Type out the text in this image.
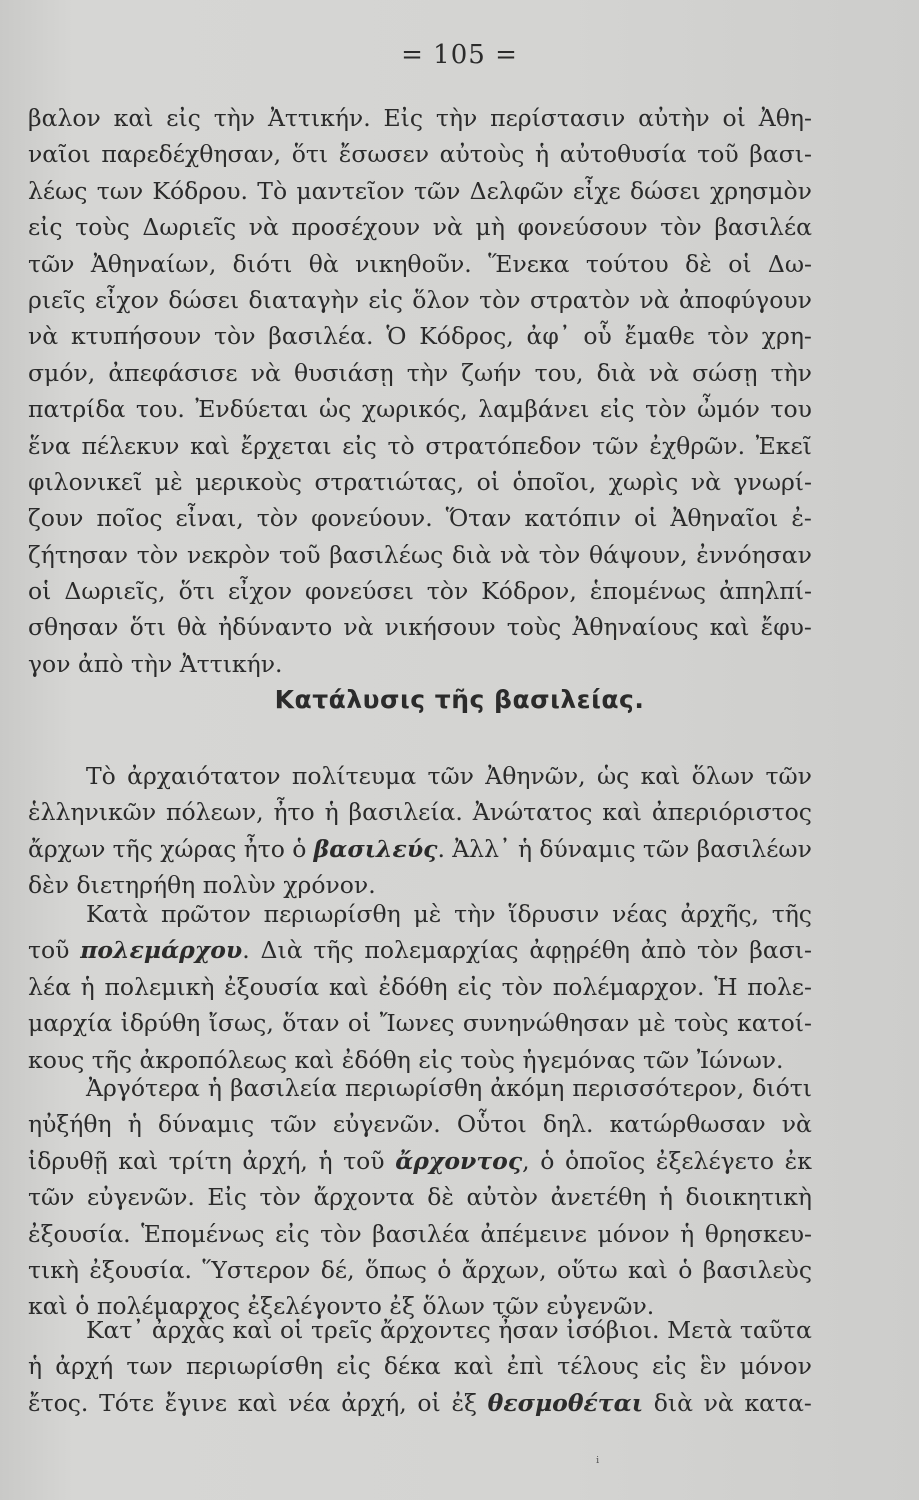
= 105 =
βαλον καὶ εἰς τὴν Ἀττικήν. Εἰς τὴν περίστασιν αὐτὴν οἱ Ἀθη-
ναῖοι παρεδέχθησαν, ὅτι ἔσωσεν αὐτοὺς ἡ αὐτοθυσία τοῦ βασι-
λέως των Κόδρου. Τὸ μαντεῖον τῶν Δελφῶν εἶχε δώσει χρησμὸν
εἰς τοὺς Δωριεῖς νὰ προσέχουν νὰ μὴ φονεύσουν τὸν βασιλέα
τῶν Ἀθηναίων, διότι θὰ νικηθοῦν. Ἕνεκα τούτου δὲ οἱ Δω-
ριεῖς εἶχον δώσει διαταγὴν εἰς ὅλον τὸν στρατὸν νὰ ἀποφύγουν
νὰ κτυπήσουν τὸν βασιλέα. Ὁ Κόδρος, ἀφ᾽ οὗ ἔμαθε τὸν χρη-
σμόν, ἀπεφάσισε νὰ θυσιάσῃ τὴν ζωήν του, διὰ νὰ σώσῃ τὴν
πατρίδα του. Ἐνδύεται ὡς χωρικός, λαμβάνει εἰς τὸν ὦμόν του
ἕνα πέλεκυν καὶ ἔρχεται εἰς τὸ στρατόπεδον τῶν ἐχθρῶν. Ἐκεῖ
φιλονικεῖ μὲ μερικοὺς στρατιώτας, οἱ ὁποῖοι, χωρὶς νὰ γνωρί-
ζουν ποῖος εἶναι, τὸν φονεύουν. Ὅταν κατόπιν οἱ Ἀθηναῖοι ἐ-
ζήτησαν τὸν νεκρὸν τοῦ βασιλέως διὰ νὰ τὸν θάψουν, ἐννόησαν
οἱ Δωριεῖς, ὅτι εἶχον φονεύσει τὸν Κόδρον, ἑπομένως ἀπηλπί-
σθησαν ὅτι θὰ ἠδύναντο νὰ νικήσουν τοὺς Ἀθηναίους καὶ ἔφυ-
γον ἀπὸ τὴν Ἀττικήν.
Κατάλυσις τῆς βασιλείας.
Τὸ ἀρχαιότατον πολίτευμα τῶν Ἀθηνῶν, ὡς καὶ ὅλων τῶν
ἑλληνικῶν πόλεων, ἦτο ἡ βασιλεία. Ἀνώτατος καὶ ἀπεριόριστος
ἄρχων τῆς χώρας ἦτο ὁ βασιλεύς. Ἀλλ᾽ ἡ δύναμις τῶν βασιλέων
δὲν διετηρήθη πολὺν χρόνον.
Κατὰ πρῶτον περιωρίσθη μὲ τὴν ἵδρυσιν νέας ἀρχῆς, τῆς
τοῦ πολεμάρχου. Διὰ τῆς πολεμαρχίας ἀφῃρέθη ἀπὸ τὸν βασι-
λέα ἡ πολεμικὴ ἐξουσία καὶ ἐδόθη εἰς τὸν πολέμαρχον. Ἡ πολε-
μαρχία ἱδρύθη ἴσως, ὅταν οἱ Ἴωνες συνηνώθησαν μὲ τοὺς κατοί-
κους τῆς ἀκροπόλεως καὶ ἐδόθη εἰς τοὺς ἡγεμόνας τῶν Ἰώνων.
Ἀργότερα ἡ βασιλεία περιωρίσθη ἀκόμη περισσότερον, διότι
ηὐξήθη ἡ δύναμις τῶν εὐγενῶν. Οὗτοι δηλ. κατώρθωσαν νὰ
ἱδρυθῇ καὶ τρίτη ἀρχή, ἡ τοῦ ἄρχοντος, ὁ ὁποῖος ἐξελέγετο ἐκ
τῶν εὐγενῶν. Εἰς τὸν ἄρχοντα δὲ αὐτὸν ἀνετέθη ἡ διοικητικὴ
ἐξουσία. Ἑπομένως εἰς τὸν βασιλέα ἀπέμεινε μόνον ἡ θρησκευ-
τικὴ ἐξουσία. Ὕστερον δέ, ὅπως ὁ ἄρχων, οὕτω καὶ ὁ βασιλεὺς
καὶ ὁ πολέμαρχος ἐξελέγοντο ἐξ ὅλων τῶν εὐγενῶν.
Κατ᾽ ἀρχὰς καὶ οἱ τρεῖς ἄρχοντες ἦσαν ἰσόβιοι. Μετὰ ταῦτα
ἡ ἀρχή των περιωρίσθη εἰς δέκα καὶ ἐπὶ τέλους εἰς ἓν μόνον
ἔτος. Τότε ἔγινε καὶ νέα ἀρχή, οἱ ἐξ θεσμοθέται διὰ νὰ κατα-
ᵢ
